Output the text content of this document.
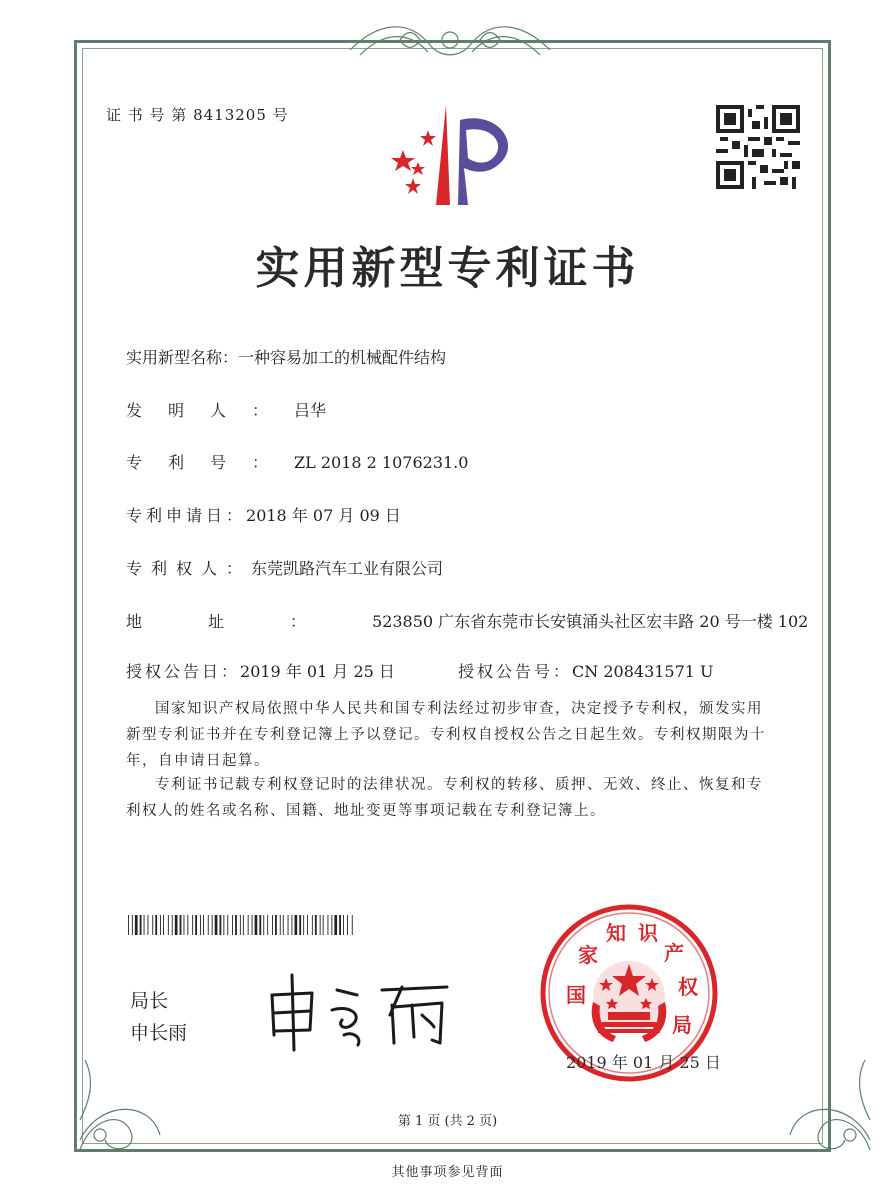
证 书 号 第 8413205 号
实用新型专利证书
实用新型名称：一种容易加工的机械配件结构
发明人：吕华
专利号：ZL 2018 2 1076231.0
专利申请日：2018 年 07 月 09 日
专利权人：东莞凯路汽车工业有限公司
地址：523850 广东省东莞市长安镇涌头社区宏丰路 20 号一楼 102
授权公告日：2019 年 01 月 25 日	授权公告号：CN 208431571 U
国家知识产权局依照中华人民共和国专利法经过初步审查，决定授予专利权，颁发实用新型专利证书并在专利登记簿上予以登记。专利权自授权公告之日起生效。专利权期限为十年，自申请日起算。
专利证书记载专利权登记时的法律状况。专利权的转移、质押、无效、终止、恢复和专利权人的姓名或名称、国籍、地址变更等事项记载在专利登记簿上。
局长
申长雨
国
家
知 识
产
权
局
2019 年 01 月 25 日
第 1 页 (共 2 页)
其他事项参见背面
